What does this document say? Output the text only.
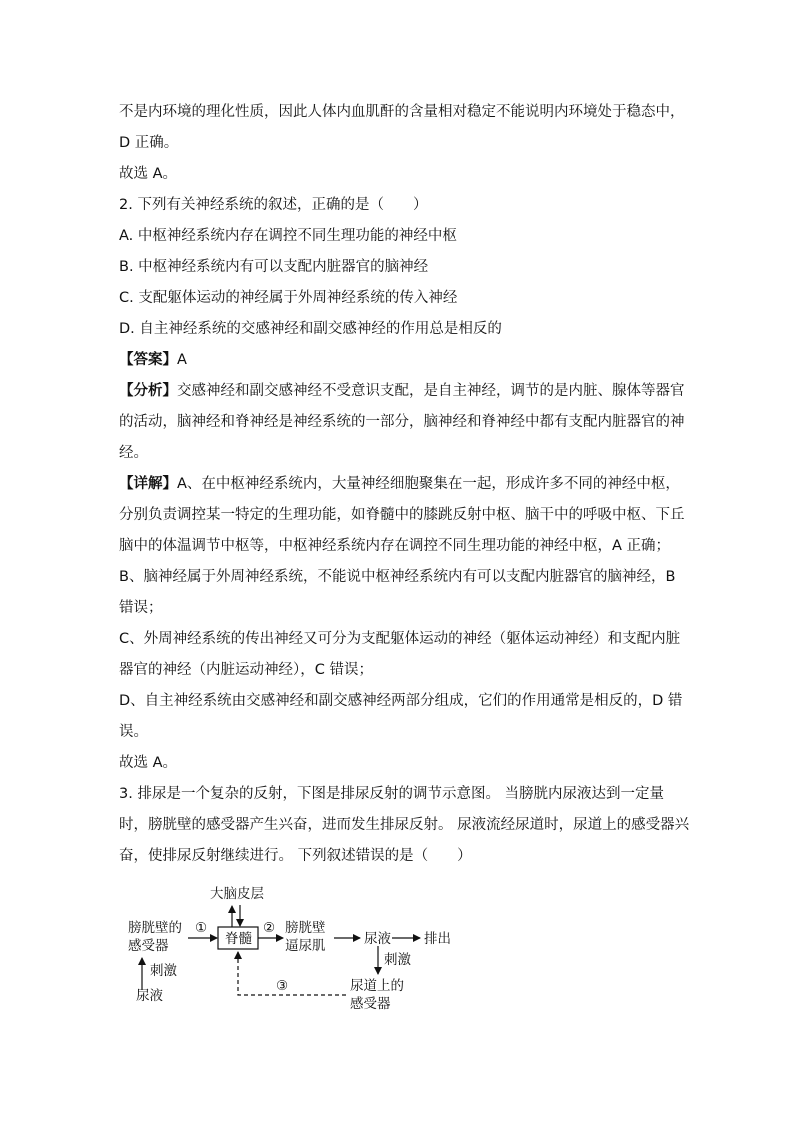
不是内环境的理化性质，因此人体内血肌酐的含量相对稳定不能说明内环境处于稳态中，
D 正确。
故选 A。
2. 下列有关神经系统的叙述，正确的是（　　）
A. 中枢神经系统内存在调控不同生理功能的神经中枢
B. 中枢神经系统内有可以支配内脏器官的脑神经
C. 支配躯体运动的神经属于外周神经系统的传入神经
D. 自主神经系统的交感神经和副交感神经的作用总是相反的
【答案】A
【分析】交感神经和副交感神经不受意识支配，是自主神经，调节的是内脏、腺体等器官
的活动，脑神经和脊神经是神经系统的一部分，脑神经和脊神经中都有支配内脏器官的神
经。
【详解】A、在中枢神经系统内，大量神经细胞聚集在一起，形成许多不同的神经中枢，
分别负责调控某一特定的生理功能，如脊髓中的膝跳反射中枢、脑干中的呼吸中枢、下丘
脑中的体温调节中枢等，中枢神经系统内存在调控不同生理功能的神经中枢，A 正确；
B、脑神经属于外周神经系统，不能说中枢神经系统内有可以支配内脏器官的脑神经，B
错误；
C、外周神经系统的传出神经又可分为支配躯体运动的神经（躯体运动神经）和支配内脏
器官的神经（内脏运动神经），C 错误；
D、自主神经系统由交感神经和副交感神经两部分组成，它们的作用通常是相反的，D 错
误。
故选 A。
3. 排尿是一个复杂的反射，下图是排尿反射的调节示意图。 当膀胱内尿液达到一定量
时，膀胱壁的感受器产生兴奋，进而发生排尿反射。 尿液流经尿道时，尿道上的感受器兴
奋，使排尿反射继续进行。 下列叙述错误的是（　　）
大脑皮层
膀胱壁的
感受器
①
脊髓
② 膀胱壁
逼尿肌	尿液 排出
刺激
尿液
刺激
尿道上的
感受器
③
